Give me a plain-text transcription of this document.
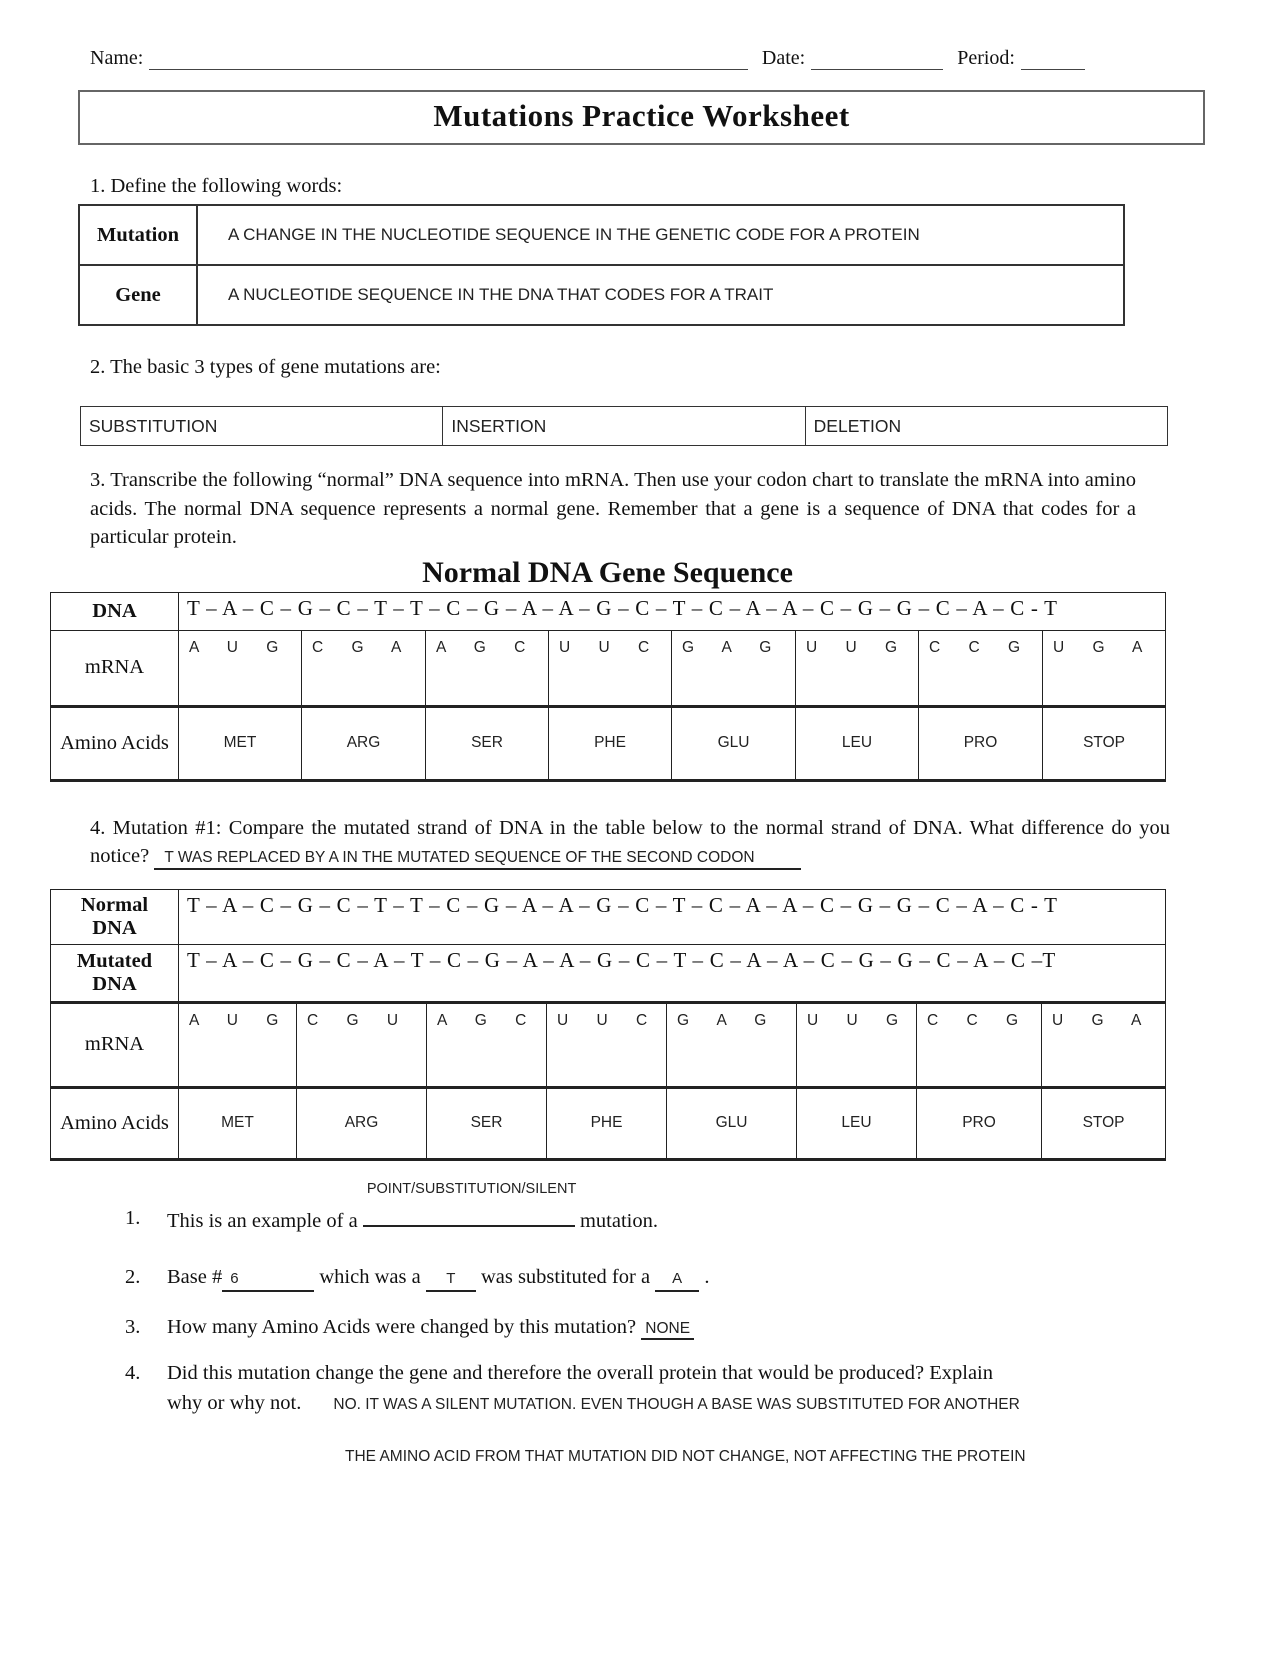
Name:	Date:	Period:
Mutations Practice Worksheet
1. Define the following words:
Mutation	A CHANGE IN THE NUCLEOTIDE SEQUENCE IN THE GENETIC CODE FOR A PROTEIN
Gene	A NUCLEOTIDE SEQUENCE IN THE DNA THAT CODES FOR A TRAIT
2. The basic 3 types of gene mutations are:
SUBSTITUTION	INSERTION	DELETION
3. Transcribe the following “normal” DNA sequence into mRNA. Then use your codon chart to translate the mRNA into amino acids. The normal DNA sequence represents a normal gene. Remember that a gene is a sequence of DNA that codes for a particular protein.
Normal DNA Gene Sequence
DNA	T – A – C – G – C – T – T – C – G – A – A – G – C – T – C – A – A – C – G – G – C – A – C - T							
mRNA	A U G	C G A	A G C	U U C	G A G	U U G	C C G	U G A
Amino Acids	MET	ARG	SER	PHE	GLU	LEU	PRO	STOP
4. Mutation #1: Compare the mutated strand of DNA in the table below to the normal strand of DNA. What difference do you notice? T WAS REPLACED BY A IN THE MUTATED SEQUENCE OF THE SECOND CODON
Normal DNA	T – A – C – G – C – T – T – C – G – A – A – G – C – T – C – A – A – C – G – G – C – A – C - T							
Mutated DNA	T – A – C – G – C – A – T – C – G – A – A – G – C – T – C – A – A – C – G – G – C – A – C –T							
mRNA	A U G	C G U	A G C	U U C	G A G	U U G	C C G	U G A
Amino Acids	MET	ARG	SER	PHE	GLU	LEU	PRO	STOP
1. This is an example of a
POINT/SUBSTITUTION/SILENT
mutation.
2. Base # 6	which was a T was substituted for a A .
3. How many Amino Acids were changed by this mutation? NONE
4. Did this mutation change the gene and therefore the overall protein that would be produced? Explain
why or why not. NO. IT WAS A SILENT MUTATION. EVEN THOUGH A BASE WAS SUBSTITUTED FOR ANOTHER
THE AMINO ACID FROM THAT MUTATION DID NOT CHANGE, NOT AFFECTING THE PROTEIN
